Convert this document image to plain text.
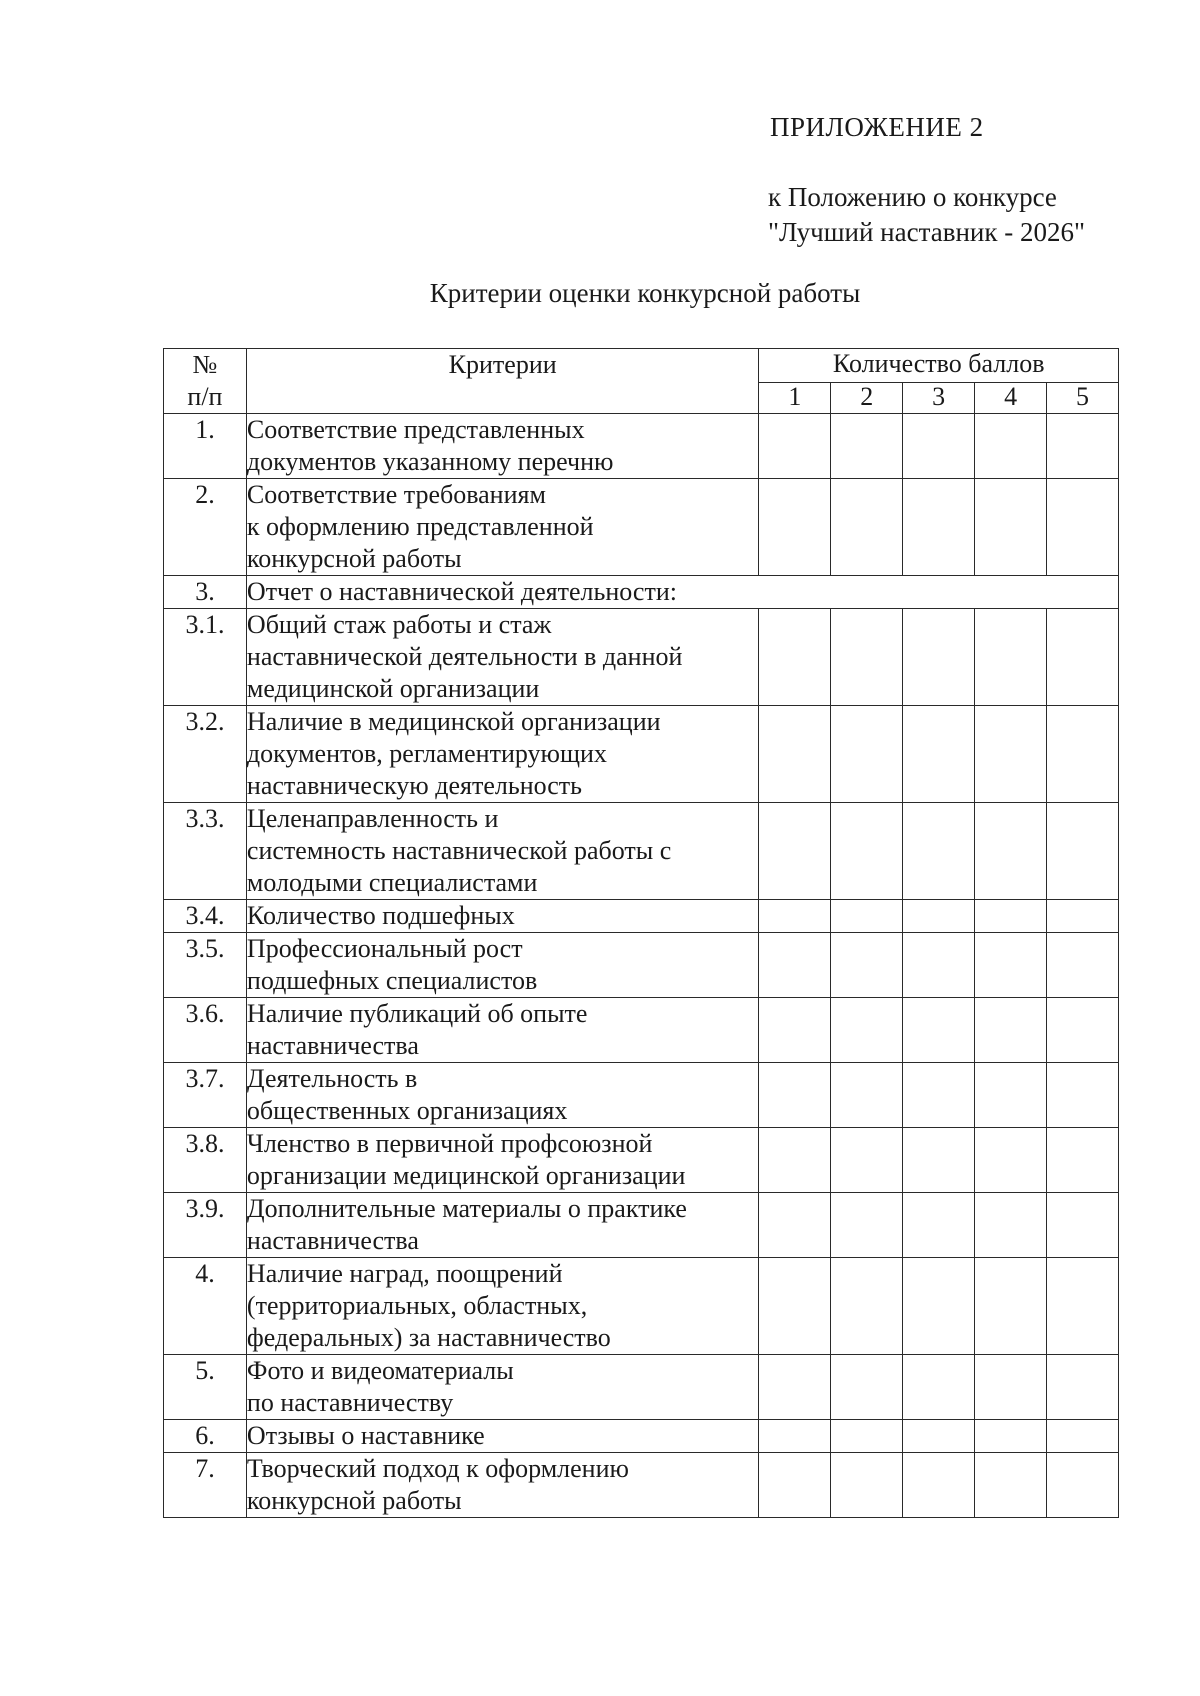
ПРИЛОЖЕНИЕ 2
к Положению о конкурсе
"Лучший наставник - 2026"
Критерии оценки конкурсной работы
№
п/п	Критерии	Количество баллов				
		1	2	3	4	5
1.	Соответствие представленных
документов указанному перечню					

2.	Соответствие требованиям
к оформлению представленной
конкурсной работы					

3.	Отчет о наставнической деятельности:					

3.1.	Общий стаж работы и стаж
наставнической деятельности в данной
медицинской организации					

3.2.	Наличие в медицинской организации
документов, регламентирующих
наставническую деятельность					

3.3.	Целенаправленность и
системность наставнической работы с
молодыми специалистами					

3.4.	Количество подшефных					

3.5.	Профессиональный рост
подшефных специалистов					

3.6.	Наличие публикаций об опыте
наставничества					

3.7.	Деятельность в
общественных организациях					

3.8.	Членство в первичной профсоюзной
организации медицинской организации					

3.9.	Дополнительные материалы о практике
наставничества					

4.	Наличие наград, поощрений
(территориальных, областных,
федеральных) за наставничество					

5.	Фото и видеоматериалы
по наставничеству					

6.	Отзывы о наставнике					

7.	Творческий подход к оформлению конкурсной работы					
